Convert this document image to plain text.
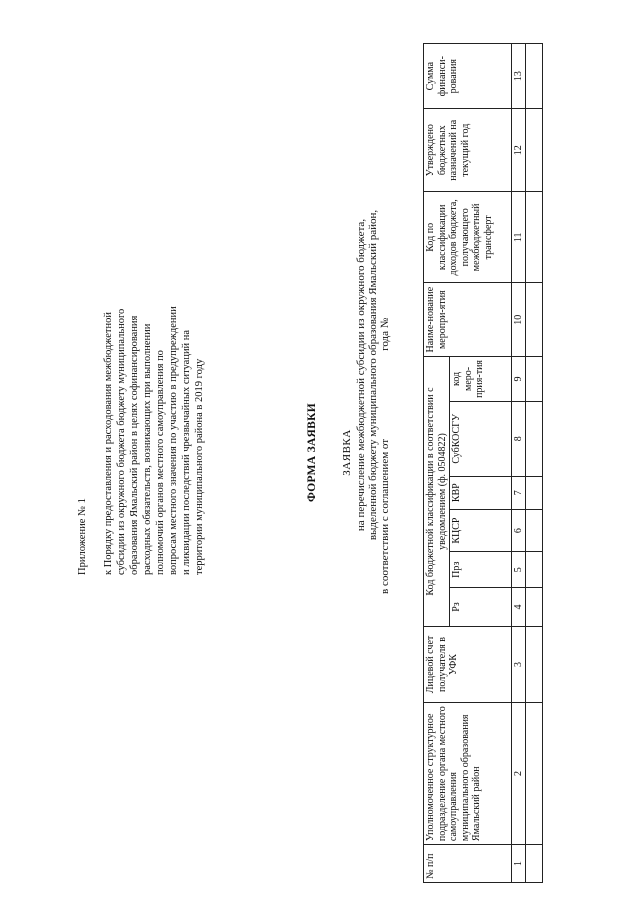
Приложение № 1 к Порядку предоставления и расходования межбюджетной субсидии из окружного бюджета бюджету муниципального образования Ямальский район в целях софинансирования расходных обязательств, возникающих при выполнении полномочий органов местного самоуправления по вопросам местного значения по участию в предупреждении и ликвидации последствий чрезвычайных ситуаций на территории муниципального района в 2019 году	ФОРМА ЗАЯВКИ ЗАЯВКА на перечисление межбюджетной субсидии из окружного бюджета, выделенной бюджету муниципального образования Ямальский район, в соответствии с соглашением от  года №
№ п/п	Уполномоченное структурное подразделение органа местного самоуправления муниципального образования Ямальский район	Лицевой счет получателя в УФК	Код бюджетной классификации в соответствии с уведомлением (ф. 0504822)						Наиме-нование меропри-ятия	Код по классификации доходов бюджета, получающего межбюджетный трансферт	Утверждено бюджетных назначений на текущий год	Сумма финанси-рования
			Рз	Прз	КЦСР	КВР	СубКОСГУ	код меро-прия-тия				
1	2	3	4	5	6	7	8	9	10	11	12	13
